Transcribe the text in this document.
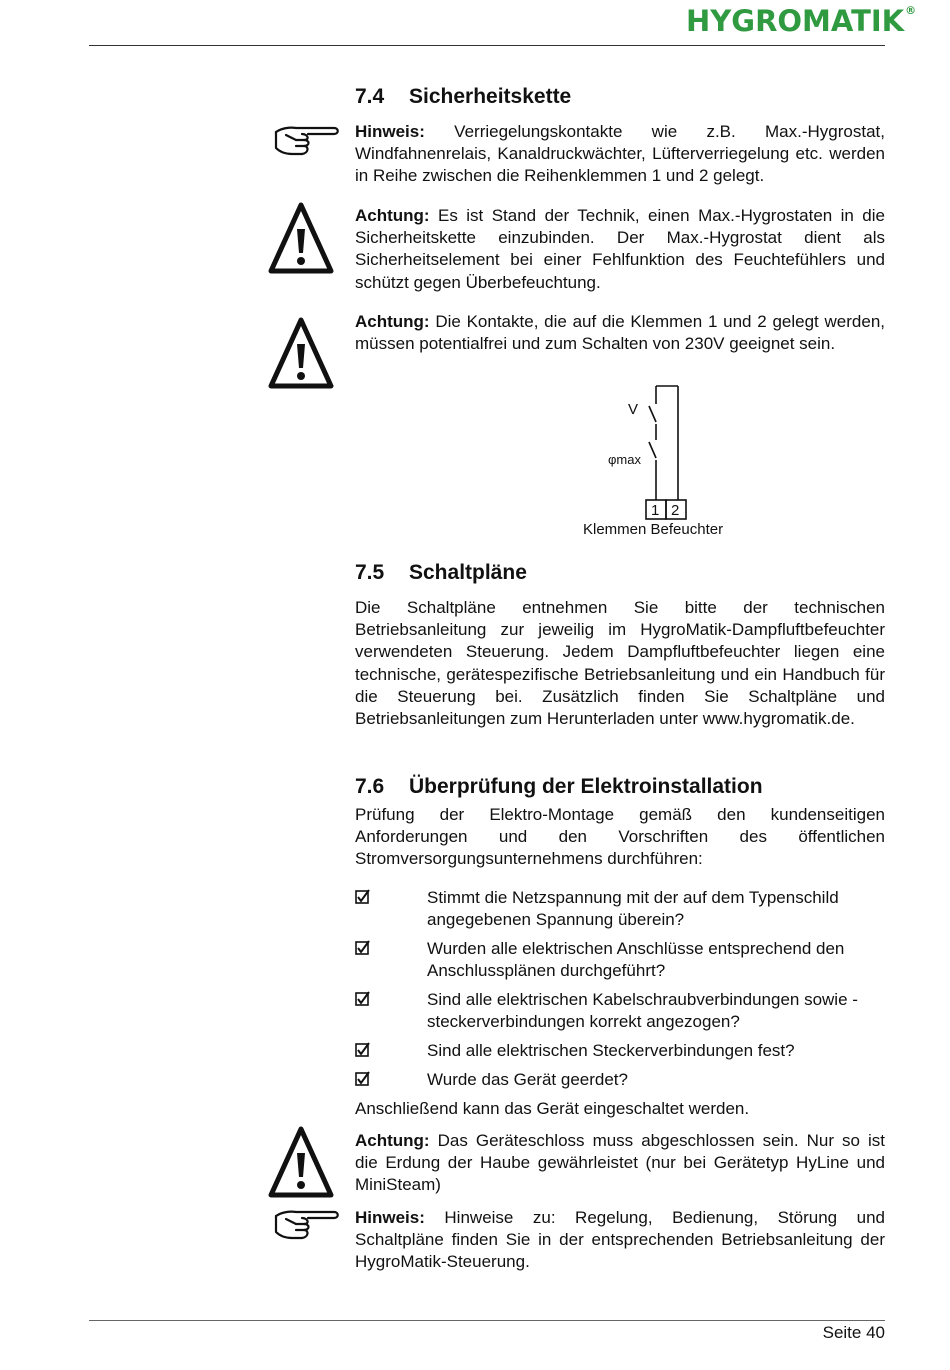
HYGROMATIK®
7.4 Sicherheitskette
Hinweis: Verriegelungskontakte wie z.B. Max.-Hygrostat, Windfahnenrelais, Kanaldruckwächter, Lüfterverriegelung etc. werden in Reihe zwischen die Reihenklemmen 1 und 2 gelegt.
Achtung: Es ist Stand der Technik, einen Max.-Hygrostaten in die Sicherheitskette einzubinden. Der Max.-Hygrostat dient als Sicherheitselement bei einer Fehlfunktion des Feuchtefühlers und schützt gegen Überbefeuchtung.
Achtung: Die Kontakte, die auf die Klemmen 1 und 2 gelegt werden, müssen potentialfrei und zum Schalten von 230V geeignet sein.
V
φmax
1 2
Klemmen Befeuchter
7.5 Schaltpläne
Die Schaltpläne entnehmen Sie bitte der technischen Betriebsanleitung zur jeweilig im HygroMatik-Dampfluftbefeuchter verwendeten Steuerung. Jedem Dampfluftbefeuchter liegen eine technische, gerätespezifische Betriebsanleitung und ein Handbuch für die Steuerung bei. Zusätzlich finden Sie Schaltpläne und Betriebsanleitungen zum Herunterladen unter www.hygromatik.de.
7.6 Überprüfung der Elektroinstallation
Prüfung der Elektro-Montage gemäß den kundenseitigen Anforderungen und den Vorschriften des öffentlichen Stromversorgungsunternehmens durchführen:
Stimmt die Netzspannung mit der auf dem Typenschild angegebenen Spannung überein?
Wurden alle elektrischen Anschlüsse entsprechend den Anschlussplänen durchgeführt?
Sind alle elektrischen Kabelschraubverbindungen sowie -steckerverbindungen korrekt angezogen?
Sind alle elektrischen Steckerverbindungen fest?
Wurde das Gerät geerdet?
Anschließend kann das Gerät eingeschaltet werden.
Achtung: Das Geräteschloss muss abgeschlossen sein. Nur so ist die Erdung der Haube gewährleistet (nur bei Gerätetyp HyLine und MiniSteam)
Hinweis: Hinweise zu: Regelung, Bedienung, Störung und Schaltpläne finden Sie in der entsprechenden Betriebsanleitung der HygroMatik-Steuerung.
Seite 40
